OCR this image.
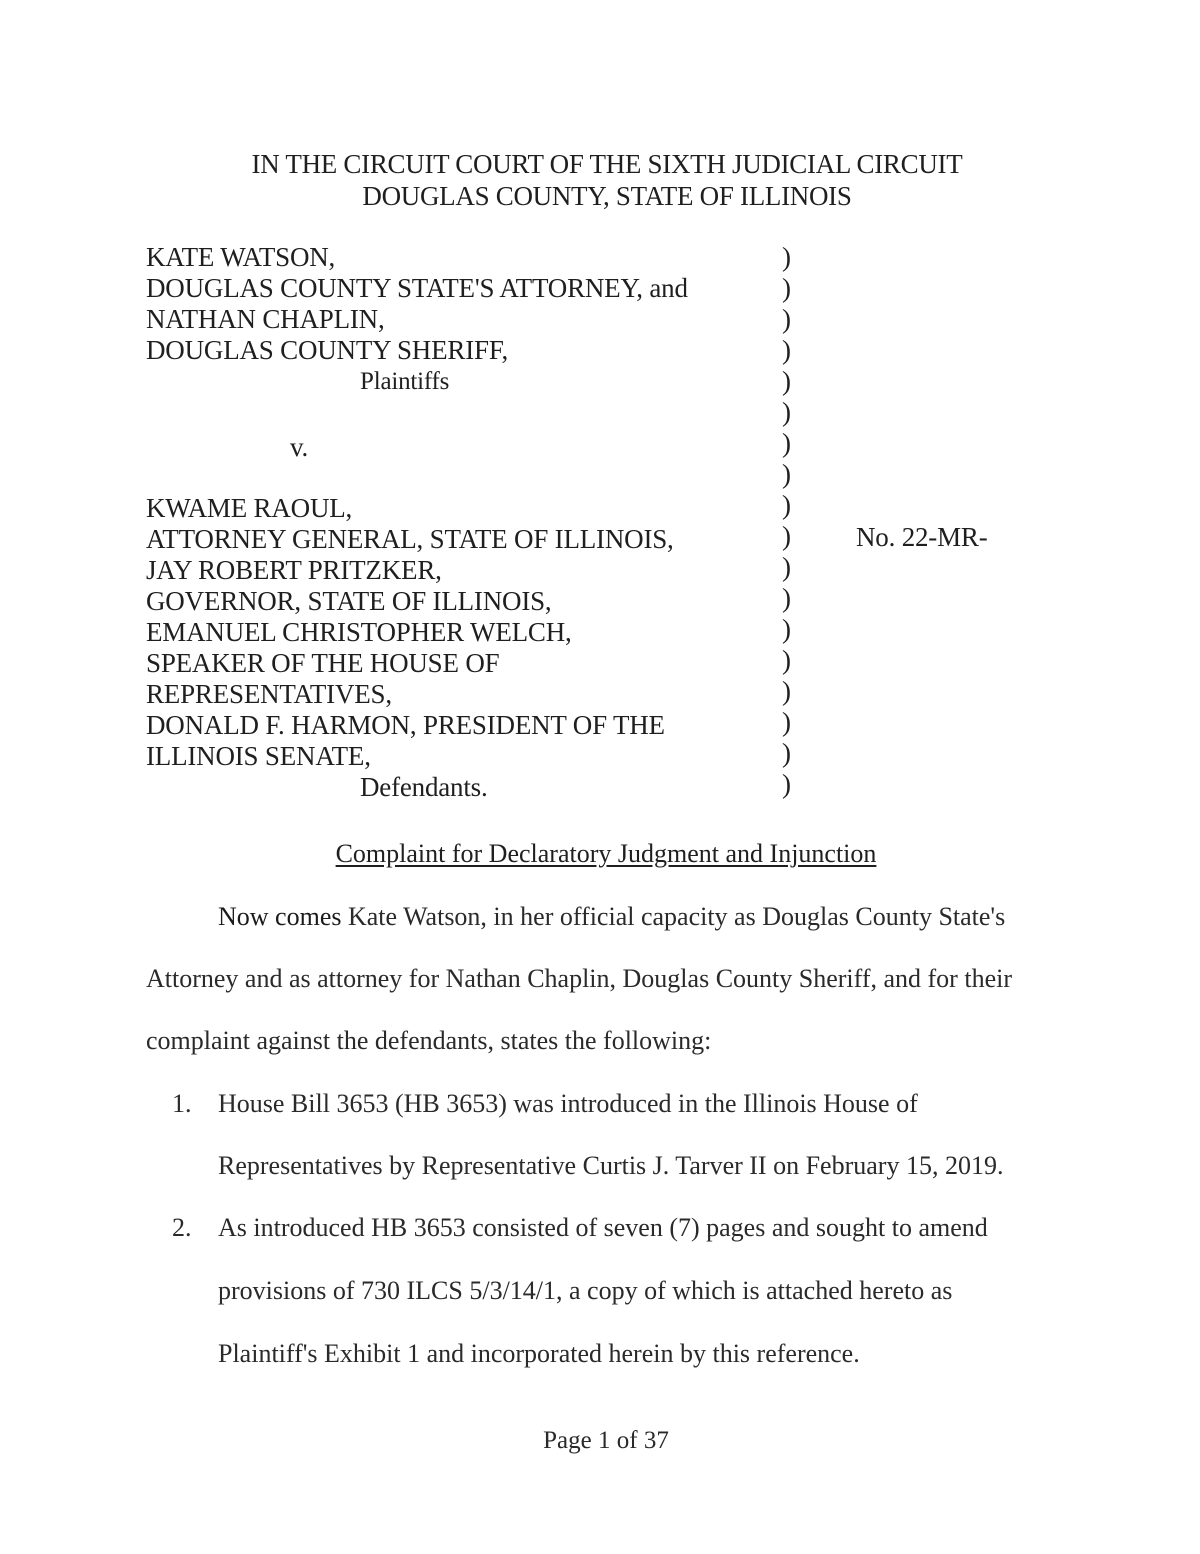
IN THE CIRCUIT COURT OF THE SIXTH JUDICIAL CIRCUIT
DOUGLAS COUNTY, STATE OF ILLINOIS
KATE WATSON,
DOUGLAS COUNTY STATE'S ATTORNEY, and
NATHAN CHAPLIN,
DOUGLAS COUNTY SHERIFF,
Plaintiffs
v.
KWAME RAOUL,
ATTORNEY GENERAL, STATE OF ILLINOIS,
JAY ROBERT PRITZKER,
GOVERNOR, STATE OF ILLINOIS,
EMANUEL CHRISTOPHER WELCH,
SPEAKER OF THE HOUSE OF
REPRESENTATIVES,
DONALD F. HARMON, PRESIDENT OF THE
ILLINOIS SENATE,
Defendants.
)
)
)
)
)
)
)
)
)
)
)
)
)
)
)
)
)
)
No. 22-MR-
Complaint for Declaratory Judgment and Injunction
Now comes Kate Watson, in her official capacity as Douglas County State's
Attorney and as attorney for Nathan Chaplin, Douglas County Sheriff, and for their
complaint against the defendants, states the following:
1. House Bill 3653 (HB 3653) was introduced in the Illinois House of
Representatives by Representative Curtis J. Tarver II on February 15, 2019.
2. As introduced HB 3653 consisted of seven (7) pages and sought to amend
provisions of 730 ILCS 5/3/14/1, a copy of which is attached hereto as
Plaintiff's Exhibit 1 and incorporated herein by this reference.
Page 1 of 37
